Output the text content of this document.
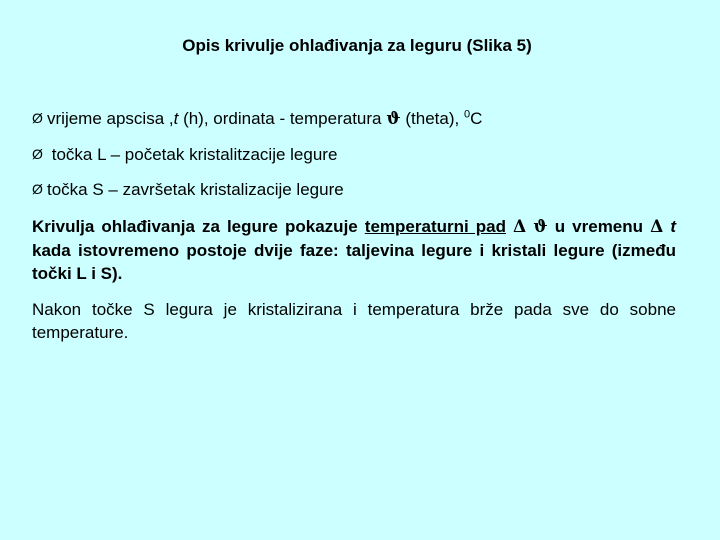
Opis krivulje ohlađivanja za leguru (Slika 5)
Ø vrijeme apscisa ,t (h), ordinata - temperatura ϑ (theta), $^0$C
Ø točka L – početak kristalitzacije legure
Ø točka S – završetak kristalizacije legure
Krivulja ohlađivanja za legure pokazuje temperaturni pad Δ ϑ u vremenu Δ t kada istovremeno postoje dvije faze: taljevina legure i kristali legure (između točki L i S).
Nakon točke S legura je kristalizirana i temperatura brže pada sve do sobne temperature.
